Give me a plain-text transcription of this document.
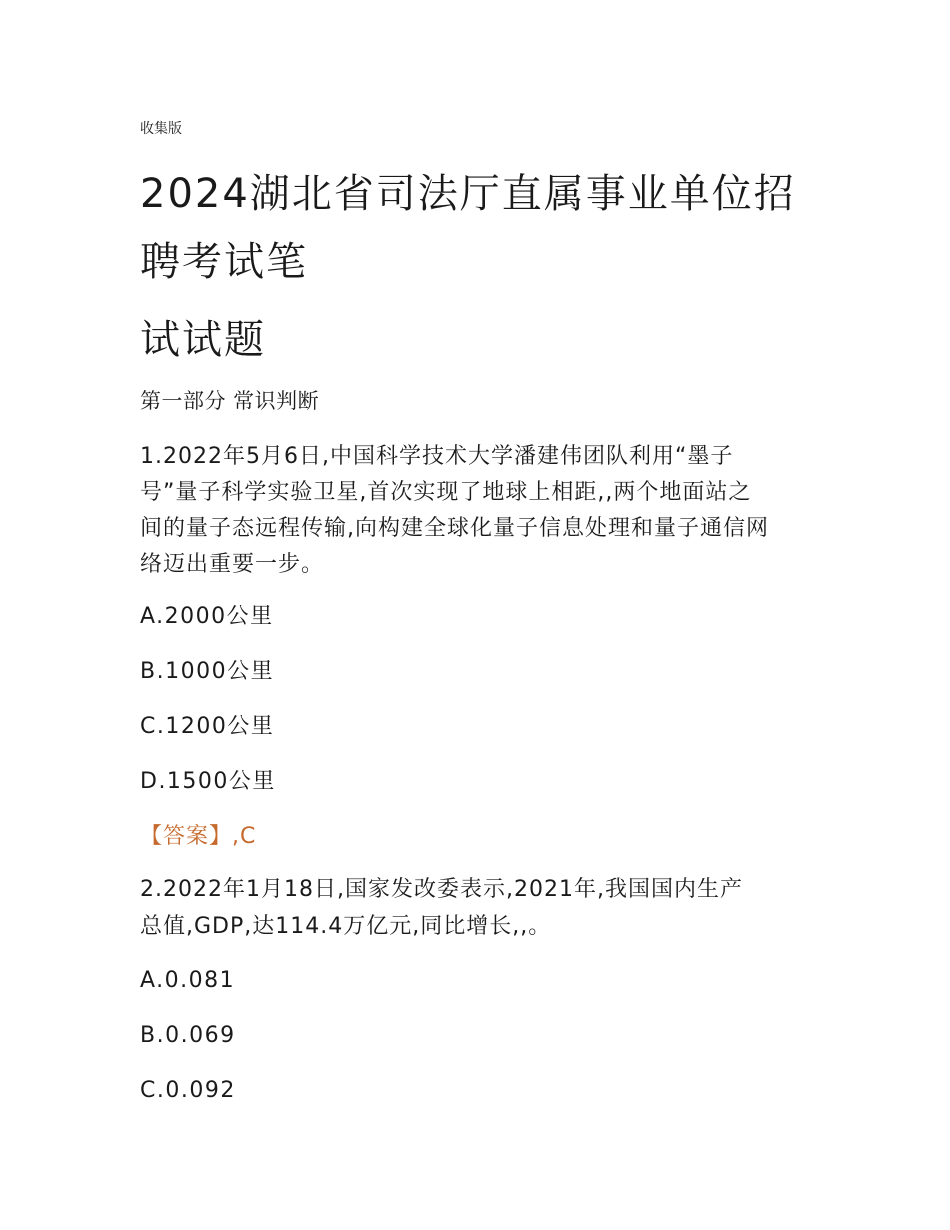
收集版
2024湖北省司法厅直属事业单位招
聘考试笔
试试题
第一部分 常识判断
1.2022年5月6日,中国科学技术大学潘建伟团队利用“墨子
号”量子科学实验卫星,首次实现了地球上相距,,两个地面站之
间的量子态远程传输,向构建全球化量子信息处理和量子通信网
络迈出重要一步。
A.2000公里
B.1000公里
C.1200公里
D.1500公里
【答案】,C
2.2022年1月18日,国家发改委表示,2021年,我国国内生产
总值,GDP,达114.4万亿元,同比增长,,。
A.0.081
B.0.069
C.0.092
